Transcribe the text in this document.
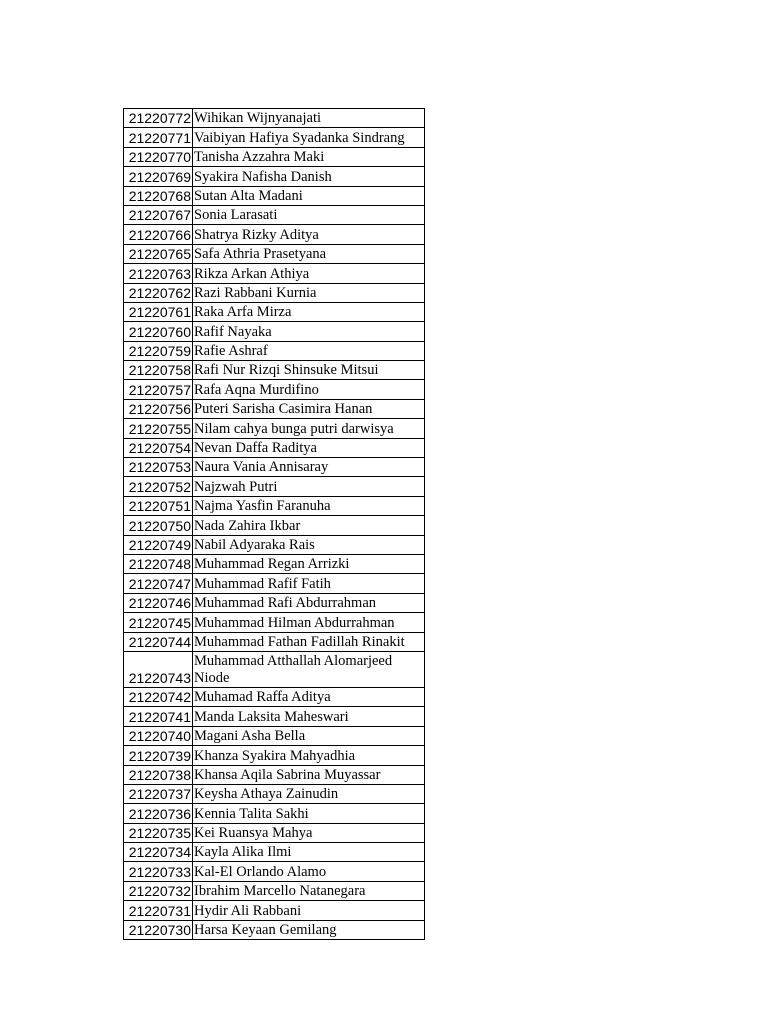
21220772	Wihikan Wijnyanajati
21220771	Vaibiyan Hafiya Syadanka Sindrang
21220770	Tanisha Azzahra Maki
21220769	Syakira Nafisha Danish
21220768	Sutan Alta Madani
21220767	Sonia Larasati
21220766	Shatrya Rizky Aditya
21220765	Safa Athria Prasetyana
21220763	Rikza Arkan Athiya
21220762	Razi Rabbani Kurnia
21220761	Raka Arfa Mirza
21220760	Rafif Nayaka
21220759	Rafie Ashraf
21220758	Rafi Nur Rizqi Shinsuke Mitsui
21220757	Rafa Aqna Murdifino
21220756	Puteri Sarisha Casimira Hanan
21220755	Nilam cahya bunga putri darwisya
21220754	Nevan Daffa Raditya
21220753	Naura Vania Annisaray
21220752	Najzwah Putri
21220751	Najma Yasfin Faranuha
21220750	Nada Zahira Ikbar
21220749	Nabil Adyaraka Rais
21220748	Muhammad Regan Arrizki
21220747	Muhammad Rafif Fatih
21220746	Muhammad Rafi Abdurrahman
21220745	Muhammad Hilman Abdurrahman
21220744	Muhammad Fathan Fadillah Rinakit
21220743	Muhammad Atthallah Alomarjeed Niode
21220742	Muhamad Raffa Aditya
21220741	Manda Laksita Maheswari
21220740	Magani Asha Bella
21220739	Khanza Syakira Mahyadhia
21220738	Khansa Aqila Sabrina Muyassar
21220737	Keysha Athaya Zainudin
21220736	Kennia Talita Sakhi
21220735	Kei Ruansya Mahya
21220734	Kayla Alika Ilmi
21220733	Kal-El Orlando Alamo
21220732	Ibrahim Marcello Natanegara
21220731	Hydir Ali Rabbani
21220730	Harsa Keyaan Gemilang
